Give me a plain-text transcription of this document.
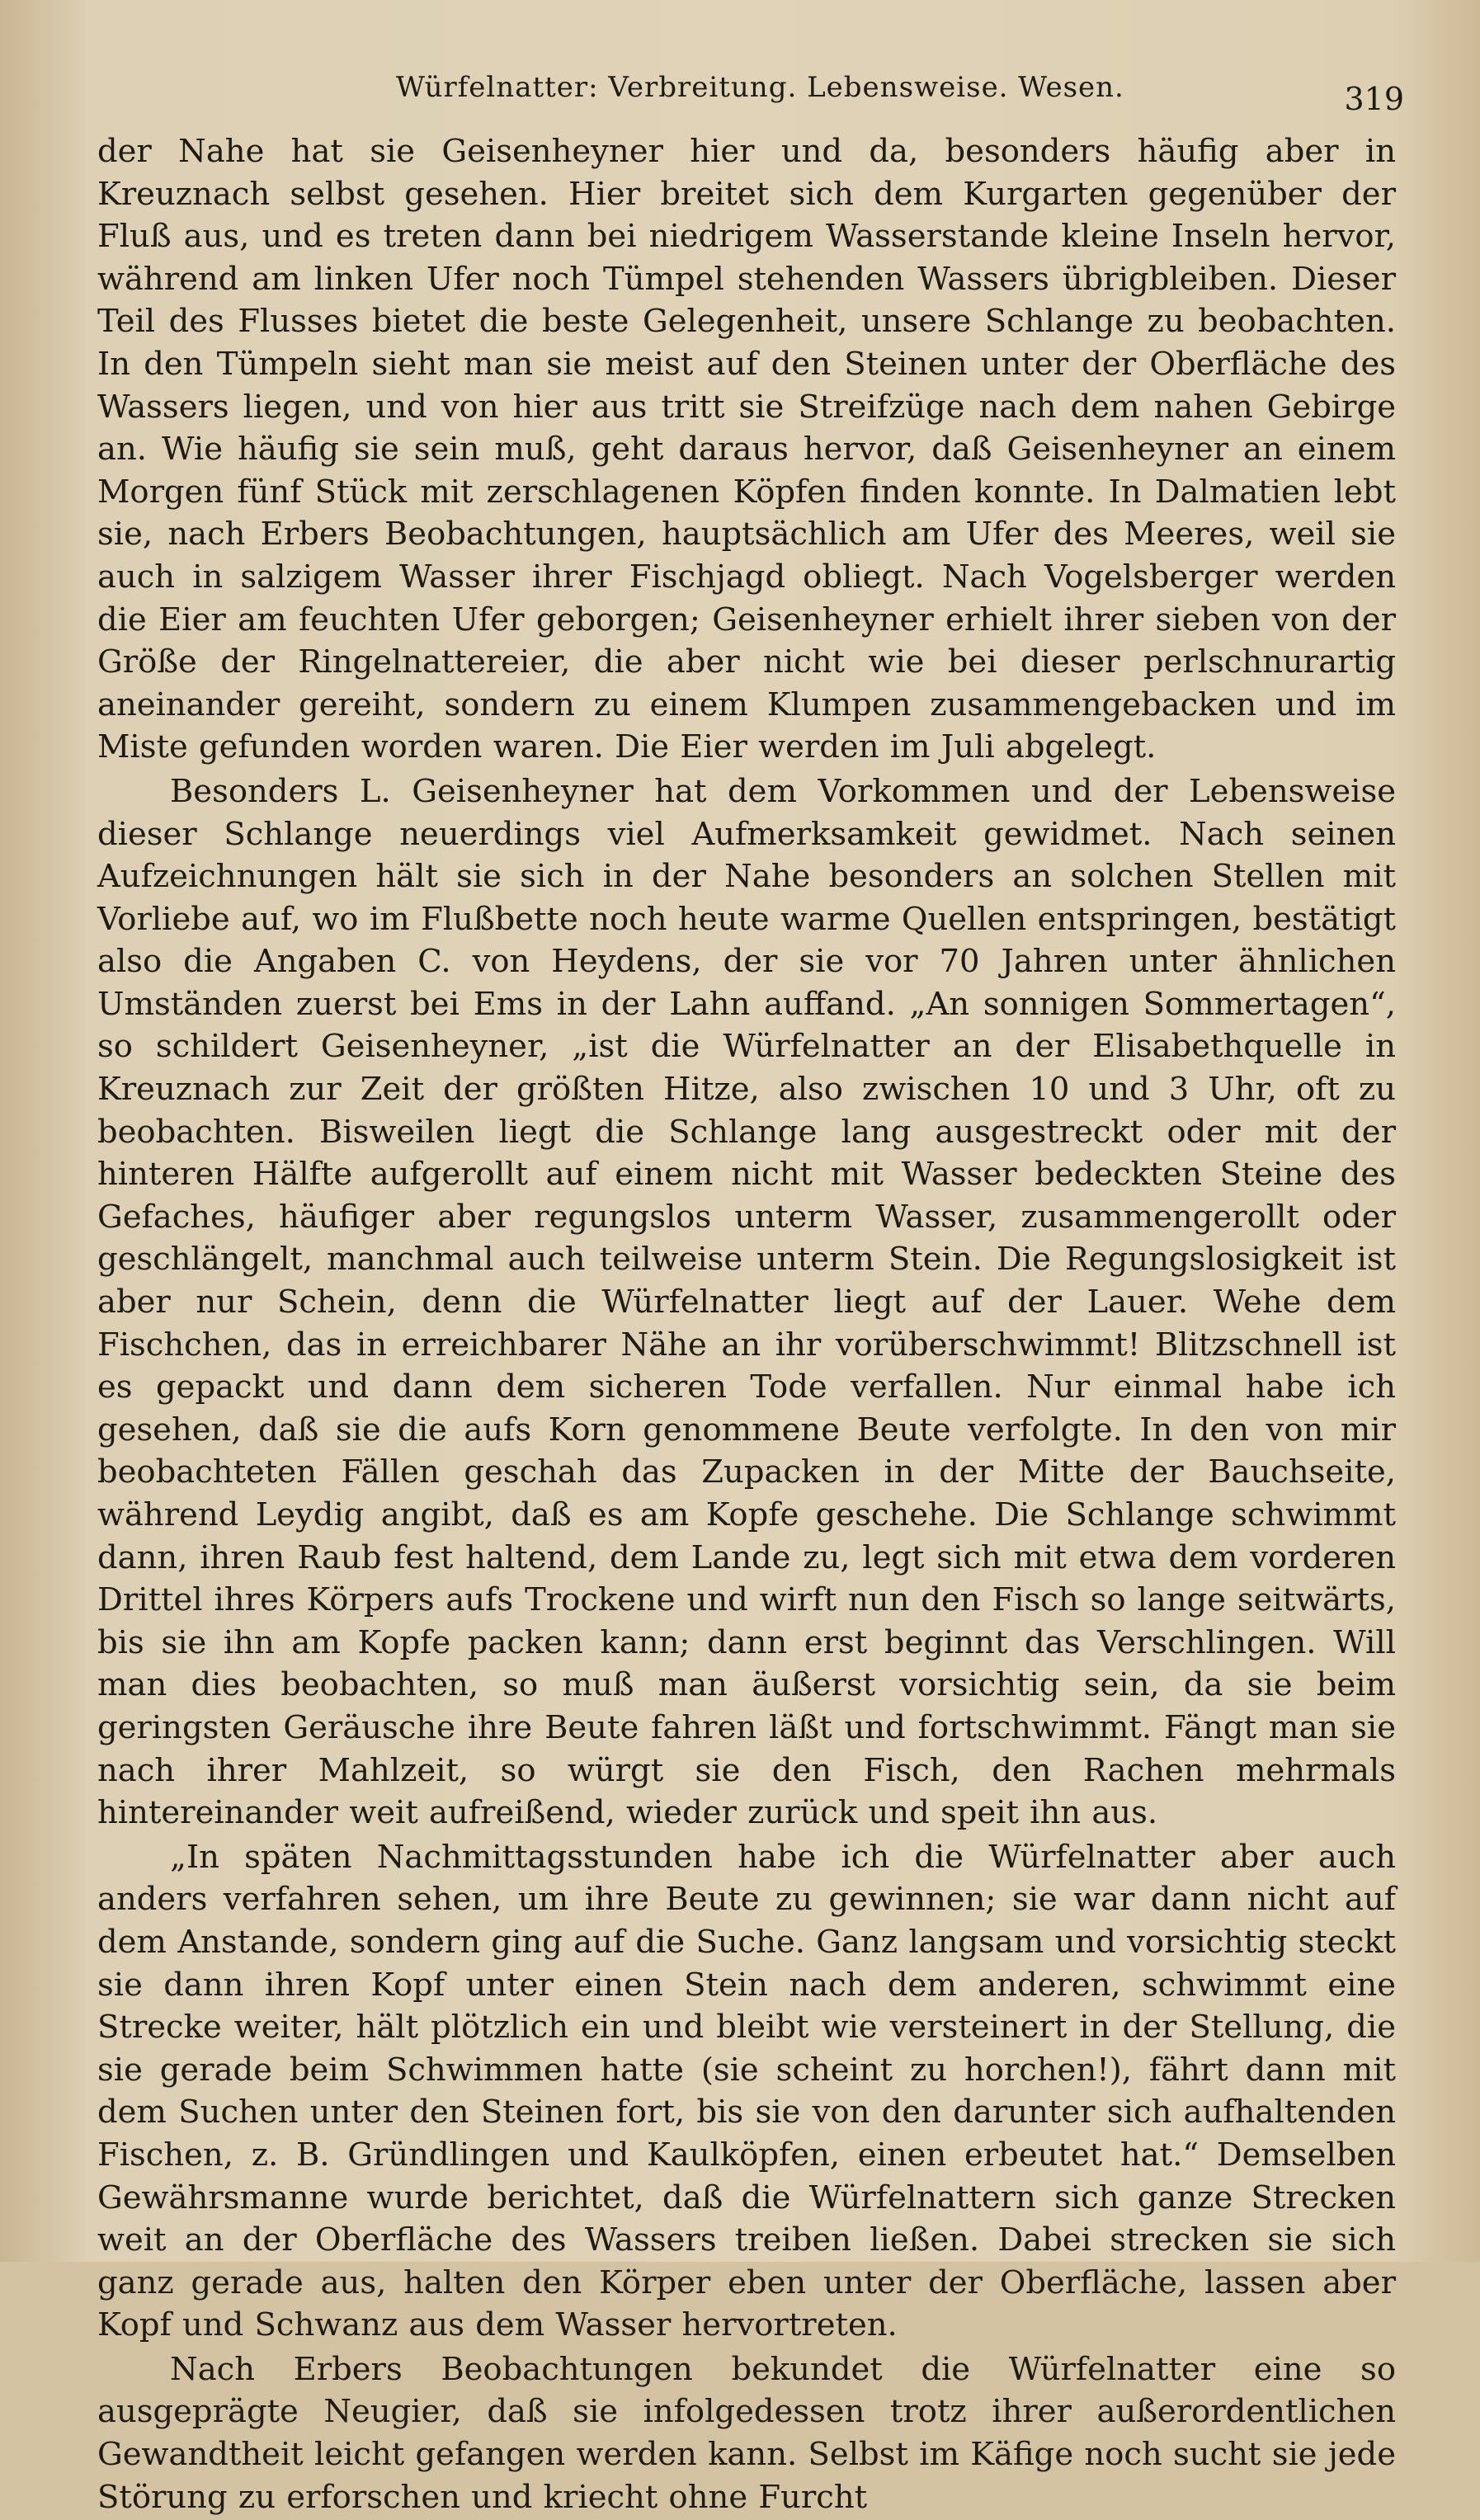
Würfelnatter: Verbreitung. Lebensweise. Wesen.	319

der Nahe hat sie Geisenheyner hier und da, besonders häufig aber in Kreuznach selbst gesehen. Hier breitet sich dem Kurgarten gegenüber der Fluß aus, und es treten dann bei niedrigem Wasserstande kleine Inseln hervor, während am linken Ufer noch Tümpel stehenden Wassers übrigbleiben. Dieser Teil des Flusses bietet die beste Gelegenheit, unsere Schlange zu beobachten. In den Tümpeln sieht man sie meist auf den Steinen unter der Oberfläche des Wassers liegen, und von hier aus tritt sie Streifzüge nach dem nahen Gebirge an. Wie häufig sie sein muß, geht daraus hervor, daß Geisenheyner an einem Morgen fünf Stück mit zerschlagenen Köpfen finden konnte. In Dalmatien lebt sie, nach Erbers Beobachtungen, hauptsächlich am Ufer des Meeres, weil sie auch in salzigem Wasser ihrer Fischjagd obliegt. Nach Vogelsberger werden die Eier am feuchten Ufer geborgen; Geisenheyner erhielt ihrer sieben von der Größe der Ringelnattereier, die aber nicht wie bei dieser perlschnurartig aneinander gereiht, sondern zu einem Klumpen zusammengebacken und im Miste gefunden worden waren. Die Eier werden im Juli abgelegt.

Besonders L. Geisenheyner hat dem Vorkommen und der Lebensweise dieser Schlange neuerdings viel Aufmerksamkeit gewidmet. Nach seinen Aufzeichnungen hält sie sich in der Nahe besonders an solchen Stellen mit Vorliebe auf, wo im Flußbette noch heute warme Quellen entspringen, bestätigt also die Angaben C. von Heydens, der sie vor 70 Jahren unter ähnlichen Umständen zuerst bei Ems in der Lahn auffand. „An sonnigen Sommertagen“, so schildert Geisenheyner, „ist die Würfelnatter an der Elisabethquelle in Kreuznach zur Zeit der größten Hitze, also zwischen 10 und 3 Uhr, oft zu beobachten. Bisweilen liegt die Schlange lang ausgestreckt oder mit der hinteren Hälfte aufgerollt auf einem nicht mit Wasser bedeckten Steine des Gefaches, häufiger aber regungslos unterm Wasser, zusammengerollt oder geschlängelt, manchmal auch teilweise unterm Stein. Die Regungslosigkeit ist aber nur Schein, denn die Würfelnatter liegt auf der Lauer. Wehe dem Fischchen, das in erreichbarer Nähe an ihr vorüberschwimmt! Blitzschnell ist es gepackt und dann dem sicheren Tode verfallen. Nur einmal habe ich gesehen, daß sie die aufs Korn genommene Beute verfolgte. In den von mir beobachteten Fällen geschah das Zupacken in der Mitte der Bauchseite, während Leydig angibt, daß es am Kopfe geschehe. Die Schlange schwimmt dann, ihren Raub fest haltend, dem Lande zu, legt sich mit etwa dem vorderen Drittel ihres Körpers aufs Trockene und wirft nun den Fisch so lange seitwärts, bis sie ihn am Kopfe packen kann; dann erst beginnt das Verschlingen. Will man dies beobachten, so muß man äußerst vorsichtig sein, da sie beim geringsten Geräusche ihre Beute fahren läßt und fortschwimmt. Fängt man sie nach ihrer Mahlzeit, so würgt sie den Fisch, den Rachen mehrmals hintereinander weit aufreißend, wieder zurück und speit ihn aus.

„In späten Nachmittagsstunden habe ich die Würfelnatter aber auch anders verfahren sehen, um ihre Beute zu gewinnen; sie war dann nicht auf dem Anstande, sondern ging auf die Suche. Ganz langsam und vorsichtig steckt sie dann ihren Kopf unter einen Stein nach dem anderen, schwimmt eine Strecke weiter, hält plötzlich ein und bleibt wie versteinert in der Stellung, die sie gerade beim Schwimmen hatte (sie scheint zu horchen!), fährt dann mit dem Suchen unter den Steinen fort, bis sie von den darunter sich aufhaltenden Fischen, z. B. Gründlingen und Kaulköpfen, einen erbeutet hat.“ Demselben Gewährsmanne wurde berichtet, daß die Würfelnattern sich ganze Strecken weit an der Oberfläche des Wassers treiben ließen. Dabei strecken sie sich ganz gerade aus, halten den Körper eben unter der Oberfläche, lassen aber Kopf und Schwanz aus dem Wasser hervortreten.

Nach Erbers Beobachtungen bekundet die Würfelnatter eine so ausgeprägte Neugier, daß sie infolgedessen trotz ihrer außerordentlichen Gewandtheit leicht gefangen werden kann. Selbst im Käfige noch sucht sie jede Störung zu erforschen und kriecht ohne Furcht
